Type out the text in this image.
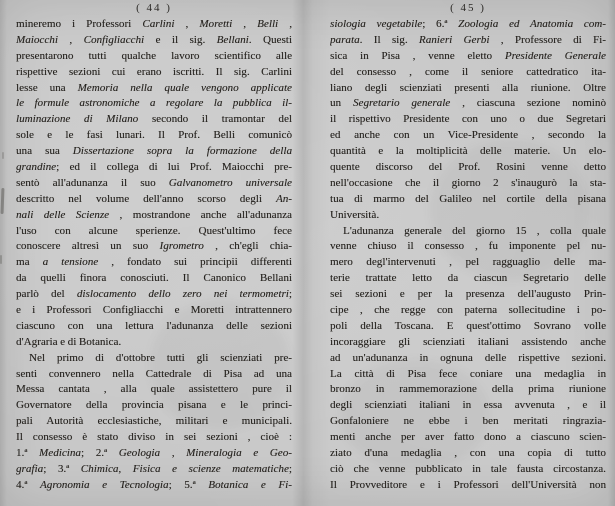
( 44 )
mineremo i Professori Carlini , Moretti , Belli ,
Maiocchi , Configliacchi e il sig. Bellani. Questi
presentarono tutti qualche lavoro scientifico alle
rispettive sezioni cui erano iscritti. Il sig. Carlini
lesse una Memoria nella quale vengono applicate
le formule astronomiche a regolare la pubblica il-
luminazione di Milano secondo il tramontar del
sole e le fasi lunari. Il Prof. Belli comunicò
una sua Dissertazione sopra la formazione della
grandine; ed il collega di lui Prof. Maiocchi pre-
sentò all'adunanza il suo Galvanometro universale
descritto nel volume dell'anno scorso degli An-
nali delle Scienze , mostrandone anche all'adunanza
l'uso con alcune sperienze. Quest'ultimo fece
conoscere altresì un suo Igrometro , ch'egli chia-
ma a tensione , fondato sui principii differenti
da quelli finora conosciuti. Il Canonico Bellani
parlò del dislocamento dello zero nei termometri;
e i Professori Configliacchi e Moretti intrattennero
ciascuno con una lettura l'adunanza delle sezioni
d'Agraria e di Botanica.
Nel primo di d'ottobre tutti gli scienziati pre-
senti convennero nella Cattedrale di Pisa ad una
Messa cantata , alla quale assistettero pure il
Governatore della provincia pisana e le princi-
pali Autorità ecclesiastiche, militari e municipali.
Il consesso è stato diviso in sei sezioni , cioè :
1.ª Medicina; 2.ª Geologia , Mineralogia e Geo-
grafia; 3.ª Chimica, Fisica e scienze matematiche;
4.ª Agronomia e Tecnologia; 5.ª Botanica e Fi-
( 45 )
siologia vegetabile; 6.ª Zoologia ed Anatomia com-
parata. Il sig. Ranieri Gerbi , Professore di Fi-
sica in Pisa , venne eletto Presidente Generale
del consesso , come il seniore cattedratico ita-
liano degli scienziati presenti alla riunione. Oltre
un Segretario generale , ciascuna sezione nominò
il rispettivo Presidente con uno o due Segretari
ed anche con un Vice-Presidente , secondo la
quantità e la moltiplicità delle materie. Un elo-
quente discorso del Prof. Rosini venne detto
nell'occasione che il giorno 2 s'inaugurò la sta-
tua di marmo del Galileo nel cortile della pisana
Università.
L'adunanza generale del giorno 15 , colla quale
venne chiuso il consesso , fu imponente pel nu-
mero degl'intervenuti , pel ragguaglio delle ma-
terie trattate letto da ciascun Segretario delle
sei sezioni e per la presenza dell'augusto Prin-
cipe , che regge con paterna sollecitudine i po-
poli della Toscana. E quest'ottimo Sovrano volle
incoraggiare gli scienziati italiani assistendo anche
ad un'adunanza in ognuna delle rispettive sezioni.
La città di Pisa fece coniare una medaglia in
bronzo in rammemorazione della prima riunione
degli scienziati italiani in essa avvenuta , e il
Gonfaloniere ne ebbe i ben meritati ringrazia-
menti anche per aver fatto dono a ciascuno scien-
ziato d'una medaglia , con una copia di tutto
ciò che venne pubblicato in tale fausta circostanza.
Il Provveditore e i Professori dell'Università non
